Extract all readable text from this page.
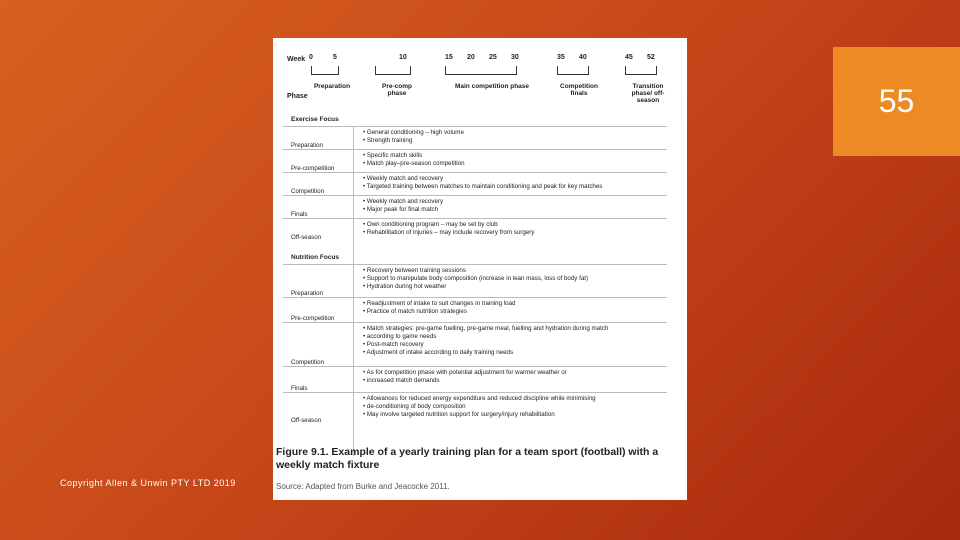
55
Copyright Allen & Unwin PTY LTD 2019
Week 0	5	10	15 20 25 30	35 40	45 52
Phase
Preparation	Pre-comp phase
Main competition phase	Competition finals
Transition phase/ off-season
Exercise Focus
Preparation
• General conditioning – high volume
• Strength training
Pre-competition
• Specific match skills
• Match play–pre-season competition
Competition
• Weekly match and recovery
• Targeted training between matches to maintain conditioning and peak for key matches
Finals
• Weekly match and recovery
• Major peak for final match
Off-season
• Own conditioning program – may be set by club
• Rehabilitation of injuries – may include recovery from surgery
Nutrition Focus
Preparation
• Recovery between training sessions
• Support to manipulate body composition (increase in lean mass, loss of body fat)
• Hydration during hot weather
Pre-competition
• Readjustment of intake to suit changes in training load
• Practice of match nutrition strategies
Competition
• Match strategies: pre-game fuelling, pre-game meal, fuelling and hydration during match
• according to game needs
• Post-match recovery
• Adjustment of intake according to daily training needs
Finals
• As for competition phase with potential adjustment for warmer weather or
• increased match demands
Off-season
• Allowances for reduced energy expenditure and reduced discipline while minimising
• de-conditioning of body composition
• May involve targeted nutrition support for surgery/injury rehabilitation
Figure 9.1. Example of a yearly training plan for a team sport (football) with a weekly match fixture
Source: Adapted from Burke and Jeacocke 2011.
